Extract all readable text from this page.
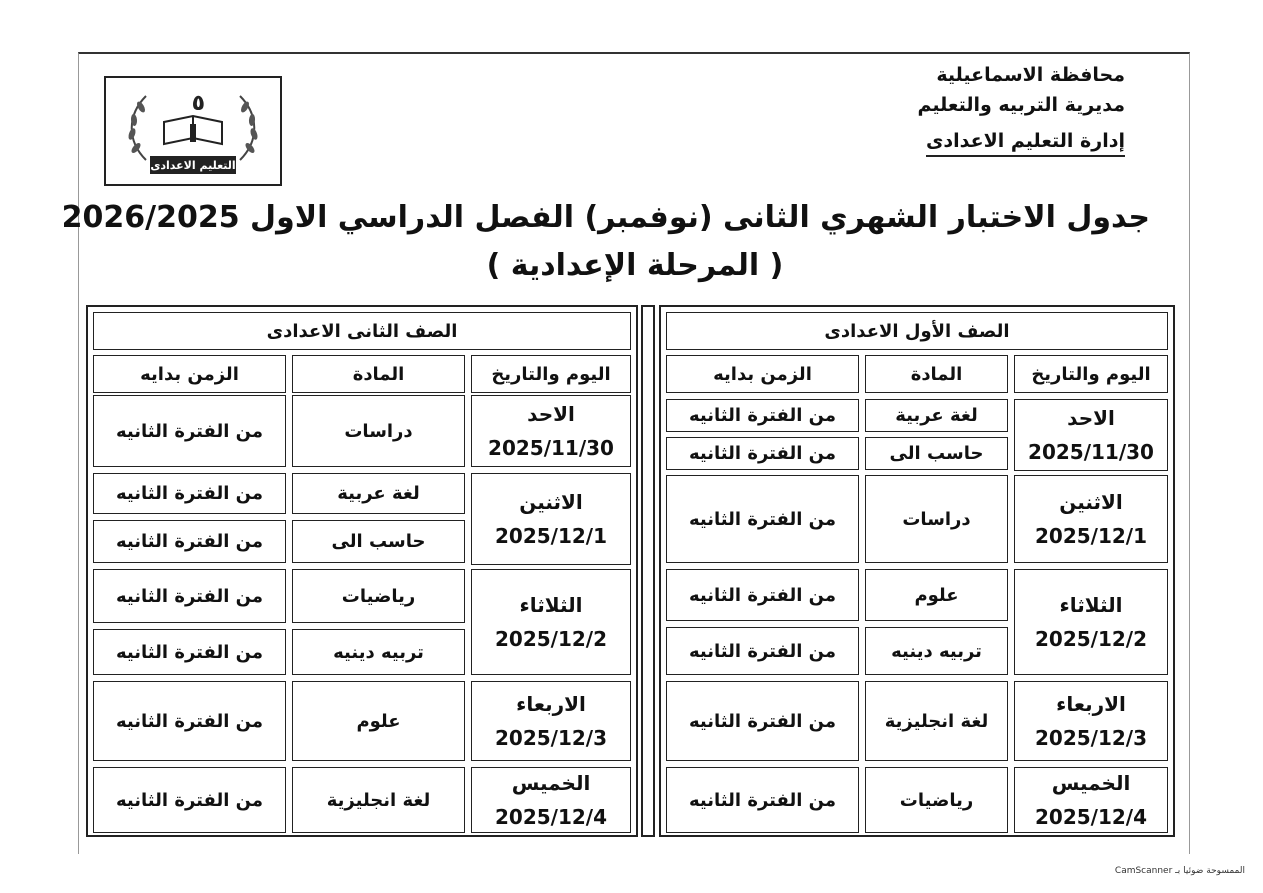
محافظة الاسماعيلية
مديرية التربيه والتعليم
إدارة التعليم الاعدادى
٥
التعليم الاعدادى
جدول الاختبار الشهري الثانى (نوفمبر) الفصل الدراسي الاول 2026/2025
( المرحلة الإعدادية )
الصف الأول الاعدادى
اليوم والتاريخ
المادة
الزمن بدايه
الاحد
2025/11/30
لغة عربية
من الفترة الثانيه
حاسب الى
من الفترة الثانيه
الاثنين
2025/12/1
دراسات
من الفترة الثانيه
الثلاثاء
2025/12/2
علوم
من الفترة الثانيه
تربيه دينيه
من الفترة الثانيه
الاربعاء
2025/12/3
لغة انجليزية
من الفترة الثانيه
الخميس
2025/12/4
رياضيات
من الفترة الثانيه
الصف الثانى الاعدادى
اليوم والتاريخ
المادة
الزمن بدايه
الاحد
2025/11/30
دراسات
من الفترة الثانيه
الاثنين
2025/12/1
لغة عربية
من الفترة الثانيه
حاسب الى
من الفترة الثانيه
الثلاثاء
2025/12/2
رياضيات
من الفترة الثانيه
تربيه دينيه
من الفترة الثانيه
الاربعاء
2025/12/3
علوم
من الفترة الثانيه
الخميس
2025/12/4
لغة انجليزية
من الفترة الثانيه
الممسوحة ضوئيا بـ CamScanner
